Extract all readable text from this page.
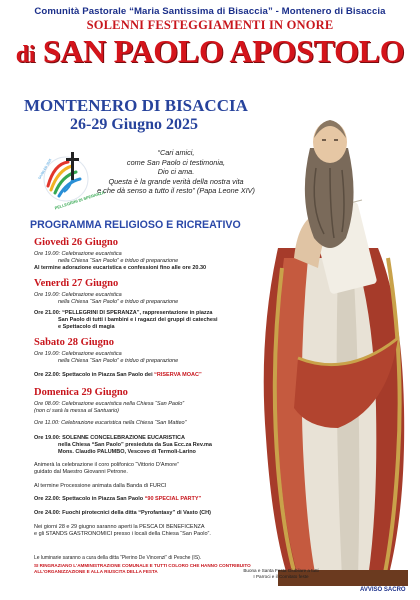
Comunità Pastorale “Maria Santissima di Bisaccia” - Montenero di Bisaccia
SOLENNI FESTEGGIAMENTI IN ONORE
di SAN PAOLO APOSTOLO
MONTENERO DI BISACCIA
26-29 Giugno 2025
GIUBILEO 2025
PELLEGRINI DI SPERANZA
“Cari amici,
come San Paolo ci testimonia,
Dio ci ama.
Questa è la grande verità della nostra vita
e che dà senso a tutto il resto” (Papa Leone XIV)
PROGRAMMA RELIGIOSO E RICREATIVO
Giovedì 26 Giugno
Ore 19.00: Celebrazione eucaristica
nella Chiesa “San Paolo” e triduo di preparazione
Al termine adorazione eucaristica e confessioni fino alle ore 20.30
Venerdì 27 Giugno
Ore 19.00: Celebrazione eucaristica
nella Chiesa “San Paolo” e triduo di preparazione
Ore 21.00: “PELLEGRINI DI SPERANZA”, rappresentazione in piazza
San Paolo di tutti i bambini e i ragazzi dei gruppi di catechesi
e Spettacolo di magia
Sabato 28 Giugno
Ore 19.00: Celebrazione eucaristica
nella Chiesa “San Paolo” e triduo di preparazione
Ore 22.00: Spettacolo in Piazza San Paolo dei “RISERVA MOAC”
Domenica 29 Giugno
Ore 08.00: Celebrazione eucaristica nella Chiesa “San Paolo”
(non ci sarà la messa al Santuario)
Ore 11.00: Celebrazione eucaristica nella Chiesa “San Matteo”
Ore 19.00: SOLENNE CONCELEBRAZIONE EUCARISTICA
nella Chiesa “San Paolo” presieduta da Sua Ecc.za Rev.ma
Mons. Claudio PALUMBO, Vescovo di Termoli-Larino
Animerà la celebrazione il coro polifonico “Vittorio D'Amore”
guidato dal Maestro Giovanni Petrone.
Al termine Processione animata dalla Banda di FURCI
Ore 22.00: Spettacolo in Piazza San Paolo “90 SPECIAL PARTY”
Ore 24.00: Fuochi pirotecnici della ditta “Pyrofantasy” di Vasto (CH)
Nei giorni 28 e 29 giugno saranno aperti la PESCA DI BENEFICENZA
e gli STANDS GASTRONOMICI presso i locali della Chiesa “San Paolo”.
Le luminarie saranno a cura della ditta “Pierino De Vincenzi” di Pesche (IS).
SI RINGRAZIANO L'AMMINISTRAZIONE COMUNALE E TUTTI COLORO CHE HANNO CONTRIBUITO
ALL'ORGANIZZAZIONE E ALLA RIUSCITA DELLA FESTA	Buona e Santa Festa Giubilare a tutti
I Parroci e il Comitato feste
AVVISO SACRO
